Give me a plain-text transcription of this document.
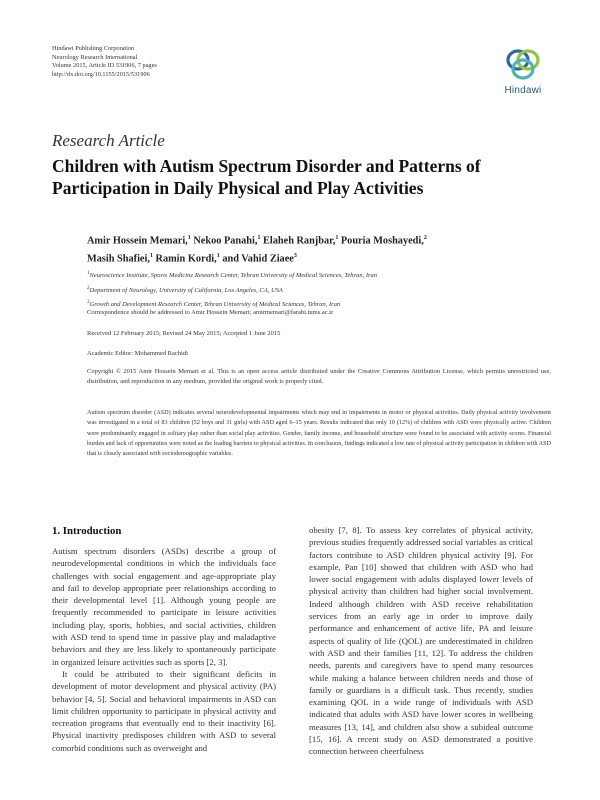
Hindawi Publishing Corporation
Neurology Research International
Volume 2015, Article ID 531906, 7 pages
http://dx.doi.org/10.1155/2015/531906
Hindawi
Research Article
Children with Autism Spectrum Disorder and Patterns of Participation in Daily Physical and Play Activities
Amir Hossein Memari,$^1$ Nekoo Panahi,$^1$ Elaheh Ranjbar,$^1$ Pouria Moshayedi,$^2$
Masih Shafiei,$^1$ Ramin Kordi,$^1$ and Vahid Ziaee$^3$
$^1$Neuroscience Institute, Sports Medicine Research Center, Tehran University of Medical Sciences, Tehran, Iran
$^2$Department of Neurology, University of California, Los Angeles, CA, USA
$^3$Growth and Development Research Center, Tehran University of Medical Sciences, Tehran, Iran
Correspondence should be addressed to Amir Hossein Memari; amirmemari@farabi.tums.ac.ir
Received 12 February 2015; Revised 24 May 2015; Accepted 1 June 2015
Academic Editor: Mohammed Rachidi
Copyright © 2015 Amir Hossein Memari et al. This is an open access article distributed under the Creative Commons Attribution License, which permits unrestricted use, distribution, and reproduction in any medium, provided the original work is properly cited.
Autism spectrum disorder (ASD) indicates several neurodevelopmental impairments which may end in impairments in motor or physical activities. Daily physical activity involvement was investigated in a total of 83 children (52 boys and 31 girls) with ASD aged 6–15 years. Results indicated that only 10 (12%) of children with ASD were physically active. Children were predominantly engaged in solitary play rather than social play activities. Gender, family income, and household structure were found to be associated with activity scores. Financial burden and lack of opportunities were noted as the leading barriers to physical activities. In conclusion, findings indicated a low rate of physical activity participation in children with ASD that is closely associated with sociodemographic variables.
1. Introduction

Autism spectrum disorders (ASDs) describe a group of neurodevelopmental conditions in which the individuals face challenges with social engagement and age-appropriate play and fail to develop appropriate peer relationships according to their developmental level [1]. Although young people are frequently recommended to participate in leisure activities including play, sports, hobbies, and social activities, children with ASD tend to spend time in passive play and maladaptive behaviors and they are less likely to spontaneously participate in organized leisure activities such as sports [2, 3].

It could be attributed to their significant deficits in development of motor development and physical activity (PA) behavior [4, 5]. Social and behavioral impairments in ASD can limit children opportunity to participate in physical activity and recreation programs that eventually end to their inactivity [6]. Physical inactivity predisposes children with ASD to several comorbid conditions such as overweight and

obesity [7, 8]. To assess key correlates of physical activity, previous studies frequently addressed social variables as critical factors contribute to ASD children physical activity [9]. For example, Pan [10] showed that children with ASD who had lower social engagement with adults displayed lower levels of physical activity than children had higher social involvement. Indeed although children with ASD receive rehabilitation services from an early age in order to improve daily performance and enhancement of active life, PA and leisure aspects of quality of life (QOL) are underestimated in children with ASD and their families [11, 12]. To address the children needs, parents and caregivers have to spend many resources while making a balance between children needs and those of family or guardians is a difficult task. Thus recently, studies examining QOL in a wide range of individuals with ASD indicated that adults with ASD have lower scores in wellbeing measures [13, 14], and children also show a subideal outcome [15, 16]. A recent study on ASD demonstrated a positive connection between cheerfulness
